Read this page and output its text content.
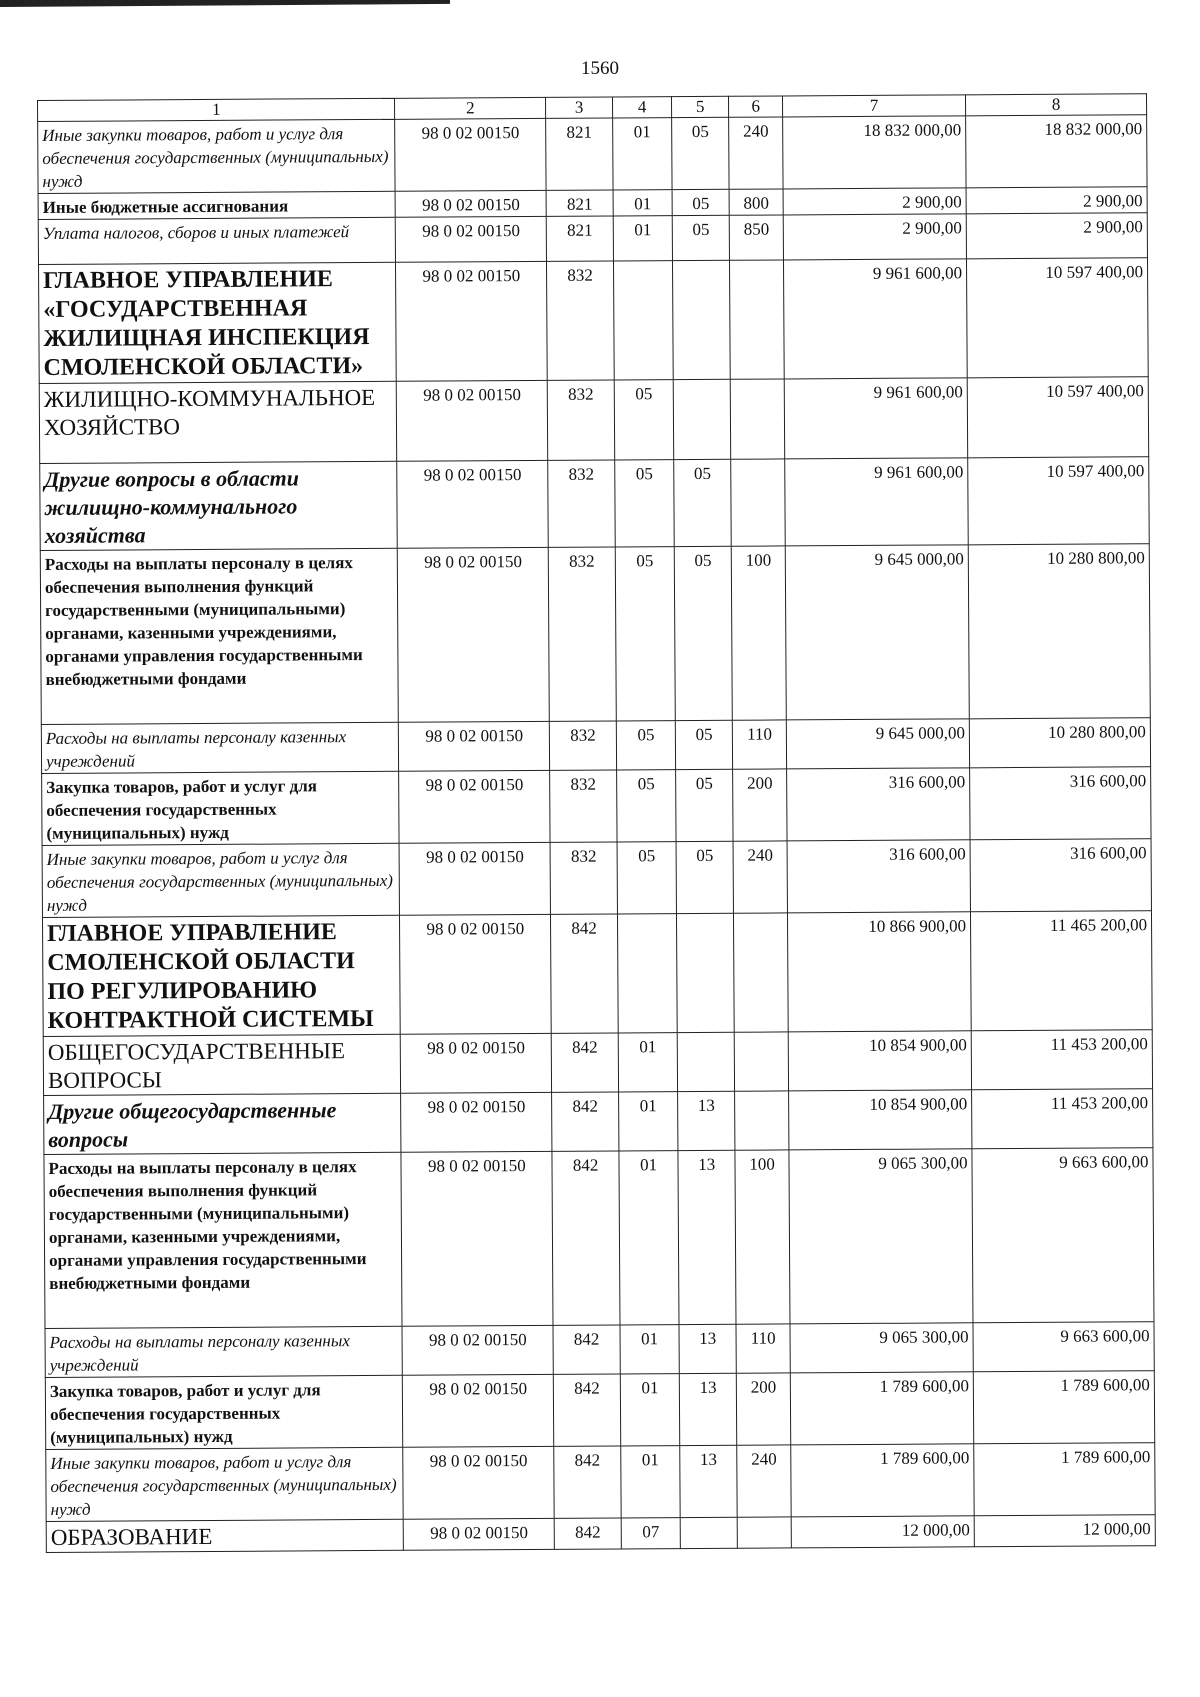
1560
1	2	3	4	5	6	7	8
Иные закупки товаров, работ и услуг для обеспечения государственных (муниципальных) нужд	98 0 02 00150	821	01	05	240	18 832 000,00	18 832 000,00
Иные бюджетные ассигнования	98 0 02 00150	821	01	05	800	2 900,00	2 900,00
Уплата налогов, сборов и иных платежей	98 0 02 00150	821	01	05	850	2 900,00	2 900,00
ГЛАВНОЕ УПРАВЛЕНИЕ «ГОСУДАРСТВЕННАЯ ЖИЛИЩНАЯ ИНСПЕКЦИЯ СМОЛЕНСКОЙ ОБЛАСТИ»	98 0 02 00150	832				9 961 600,00	10 597 400,00
ЖИЛИЩНО-КОММУНАЛЬНОЕ ХОЗЯЙСТВО	98 0 02 00150	832	05			9 961 600,00	10 597 400,00
Другие вопросы в области жилищно-коммунального хозяйства	98 0 02 00150	832	05	05		9 961 600,00	10 597 400,00
Расходы на выплаты персоналу в целях обеспечения выполнения функций государственными (муниципальными) органами, казенными учреждениями, органами управления государственными внебюджетными фондами	98 0 02 00150	832	05	05	100	9 645 000,00	10 280 800,00
Расходы на выплаты персоналу казенных учреждений	98 0 02 00150	832	05	05	110	9 645 000,00	10 280 800,00
Закупка товаров, работ и услуг для обеспечения государственных (муниципальных) нужд	98 0 02 00150	832	05	05	200	316 600,00	316 600,00
Иные закупки товаров, работ и услуг для обеспечения государственных (муниципальных) нужд	98 0 02 00150	832	05	05	240	316 600,00	316 600,00
ГЛАВНОЕ УПРАВЛЕНИЕ СМОЛЕНСКОЙ ОБЛАСТИ ПО РЕГУЛИРОВАНИЮ КОНТРАКТНОЙ СИСТЕМЫ	98 0 02 00150	842				10 866 900,00	11 465 200,00
ОБЩЕГОСУДАРСТВЕННЫЕ ВОПРОСЫ	98 0 02 00150	842	01			10 854 900,00	11 453 200,00
Другие общегосударственные вопросы	98 0 02 00150	842	01	13		10 854 900,00	11 453 200,00
Расходы на выплаты персоналу в целях обеспечения выполнения функций государственными (муниципальными) органами, казенными учреждениями, органами управления государственными внебюджетными фондами	98 0 02 00150	842	01	13	100	9 065 300,00	9 663 600,00
Расходы на выплаты персоналу казенных учреждений	98 0 02 00150	842	01	13	110	9 065 300,00	9 663 600,00
Закупка товаров, работ и услуг для обеспечения государственных (муниципальных) нужд	98 0 02 00150	842	01	13	200	1 789 600,00	1 789 600,00
Иные закупки товаров, работ и услуг для обеспечения государственных (муниципальных) нужд	98 0 02 00150	842	01	13	240	1 789 600,00	1 789 600,00
ОБРАЗОВАНИЕ	98 0 02 00150	842	07			12 000,00	12 000,00
